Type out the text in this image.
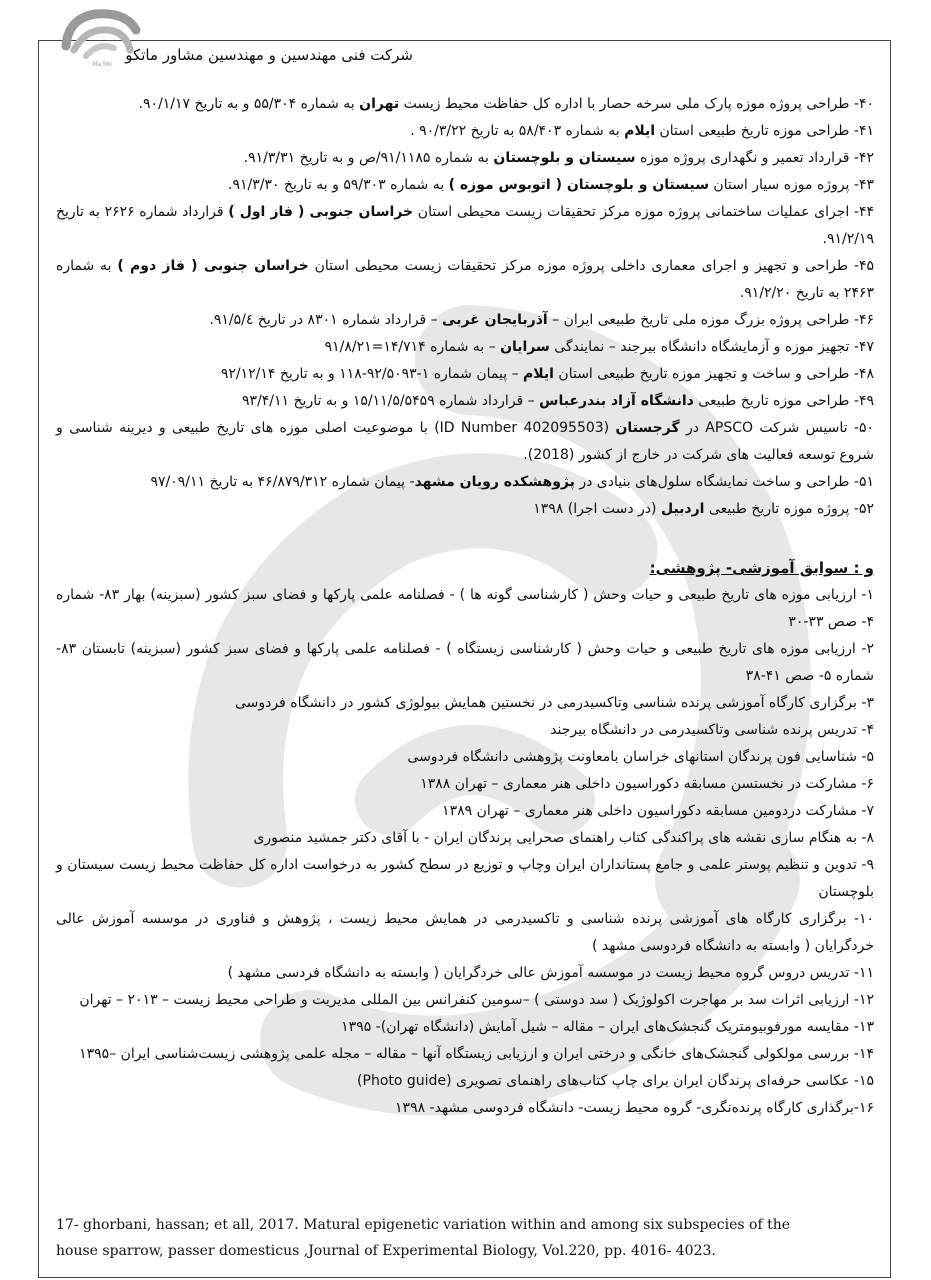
Ma Mo
شرکت فنی مهندسین و مهندسین مشاور ماتکو

۴۰- طراحی پروژه موزه پارک ملی سرخه حصار با اداره کل حفاظت محیط زیست تهران به شماره ۵۵/۳۰۴ و به تاریخ ۹۰/۱/۱۷.

۴۱- طراحی موزه تاریخ طبیعی استان ایلام به شماره ۵۸/۴۰۳ به تاریخ ۹۰/۳/۲۲ .

۴۲- قرارداد تعمیر و نگهداری پروژه موزه سیستان و بلوچستان به شماره ۹۱/۱۱۸۵/ص و به تاریخ ۹۱/۳/۳۱.

۴۳- پروژه موزه سیار استان سیستان و بلوچستان ( اتوبوس موزه ) به شماره ۵۹/۳۰۳ و به تاریخ ۹۱/۳/۳۰.

۴۴- اجرای عملیات ساختمانی پروژه موزه مرکز تحقیقات زیست محیطی استان خراسان جنوبی ( فاز اول ) قرارداد شماره ۲۶۲۶ به تاریخ ۹۱/۲/۱۹.

۴۵- طراحی و تجهیز و اجرای معماری داخلی پروژه موزه مرکز تحقیقات زیست محیطی استان خراسان جنوبی ( فاز دوم ) به شماره ۲۴۶۳ به تاریخ ۹۱/۲/۲۰.

۴۶- طراحی پروژه بزرگ موزه ملی تاریخ طبیعی ایران – آذربایجان غربی – قرارداد شماره ۸۳۰۱ در تاریخ ۹۱/۵/٤.

۴۷- تجهیز موزه و آزمایشگاه دانشگاه بیرجند – نمایندگی سرایان – به شماره ۱۴/۷۱۴=۹۱/۸/۲۱

۴۸- طراحی و ساخت و تجهیز موزه تاریخ طبیعی استان ایلام – پیمان شماره ۱-۹۲/۵۰۹۳-۱۱۸ و به تاریخ ۹۲/۱۲/۱۴

۴۹- طراحی موزه تاریخ طبیعی دانشگاه آزاد بندرعباس – قرارداد شماره ۱۵/۱۱/۵/۵۴۵۹ و به تاریخ ۹۳/۴/۱۱

۵۰- تاسیس شرکت APSCO در گرجستان (ID Number 402095503) با موضوعیت اصلی موزه های تاریخ طبیعی و دیرینه شناسی و شروع توسعه فعالیت های شرکت در خارج از کشور (2018).

۵۱- طراحی و ساخت نمایشگاه سلول‌های بنیادی در پژوهشکده رویان مشهد- پیمان شماره ۴۶/۸۷۹/۳۱۲ به تاریخ ۹۷/۰۹/۱۱

۵۲- پروژه موزه تاریخ طبیعی اردبیل (در دست اجرا) ۱۳۹۸

و : سوابق آموزشی- پژوهشی:

۱- ارزیابی موزه های تاریخ طبیعی و حیات وحش ( کارشناسی گونه ها ) - فصلنامه علمی پارکها و فضای سبز کشور (سبزینه) بهار ۸۳- شماره ۴- صص ۳۳-۳۰

۲- ارزیابی موزه های تاریخ طبیعی و حیات وحش ( کارشناسی زیستگاه ) - فصلنامه علمی پارکها و فضای سبز کشور (سبزینه) تابستان ۸۳- شماره ۵- صص ۴۱-۳۸

۳- برگزاری کارگاه آموزشی پرنده شناسی وتاکسیدرمی در نخستین همایش بیولوژی کشور در دانشگاه فردوسی

۴- تدریس پرنده شناسی وتاکسیدرمی در دانشگاه بیرجند

۵- شناسایی فون پرندگان استانهای خراسان بامعاونت پژوهشی دانشگاه فردوسی

۶- مشارکت در نخستسن مسابقه دکوراسیون داخلی هنر معماری – تهران ۱۳۸۸

۷- مشارکت دردومین مسابقه دکوراسیون داخلی هنر معماری – تهران ۱۳۸۹

۸- به هنگام سازی نقشه های پراکندگی کتاب راهنمای صحرایی پرندگان ایران - با آقای دکتر جمشید منصوری

۹- تدوین و تنظیم پوستر علمی و جامع پستانداران ایران وچاپ و توزیع در سطح کشور به درخواست اداره کل حفاظت محیط زیست سیستان و بلوچستان

۱۰- برگزاری کارگاه های آموزشی پرنده شناسی و تاکسیدرمی در همایش محیط زیست ، پژوهش و فناوری در موسسه آموزش عالی خردگرایان ( وابسته به دانشگاه فردوسی مشهد )

۱۱- تدریس دروس گروه محیط زیست در موسسه آموزش عالی خردگرایان ( وابسته به دانشگاه فردسی مشهد )

۱۲- ارزیابی اثرات سد بر مهاجرت اکولوژیک ( سد دوستی ) –سومین کنفرانس بین المللی مدیریت و طراحی محیط زیست – ۲۰۱۳ – تهران

۱۳- مقایسه مورفوبیومتریک گنجشک‌های ایران – مقاله – شیل آمایش (دانشگاه تهران)- ۱۳۹۵

۱۴- بررسی مولکولی گنجشک‌های خانگی و درختی ایران و ارزیابی زیستگاه آنها – مقاله – مجله علمی پژوهشی زیست‌شناسی ایران –۱۳۹۵

۱۵- عکاسی حرفه‌ای پرندگان ایران برای چاپ کتاب‌های راهنمای تصویری (Photo guide)

۱۶-برگذاری کارگاه پرنده‌نگری- گروه محیط زیست- دانشگاه فردوسی مشهد- ۱۳۹۸

17- ghorbani, hassan; et all, 2017. Matural epigenetic variation within and among six subspecies of the house sparrow, passer domesticus ,Journal of Experimental Biology, Vol.220, pp. 4016- 4023.
